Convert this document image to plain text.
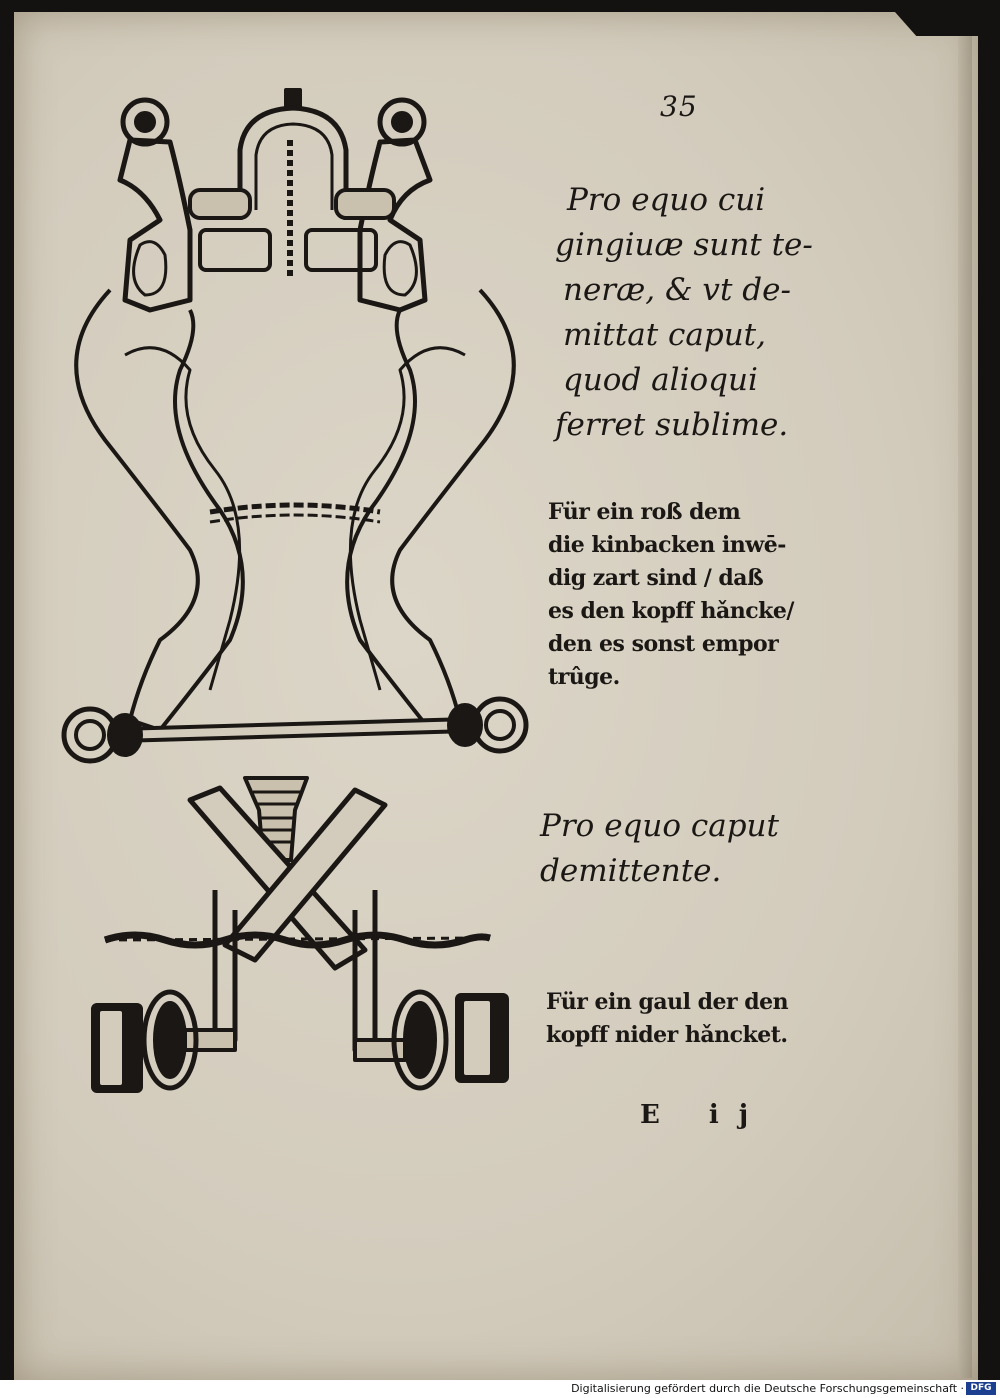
35
Pro equo cui
gingiuæ sunt te-
neræ, & vt de-
mittat caput,
quod alioqui
ferret sublime.
Für ein roß dem
die kinbacken inwē-
dig zart sind / daß
es den kopff hǎncke/
den es sonst empor
trûge.
Pro equo caput
demittente.
Für ein gaul der den
kopff nider hǎncket.
E ij
Digitalisierung gefördert durch die Deutsche Forschungsgemeinschaft · DFG
